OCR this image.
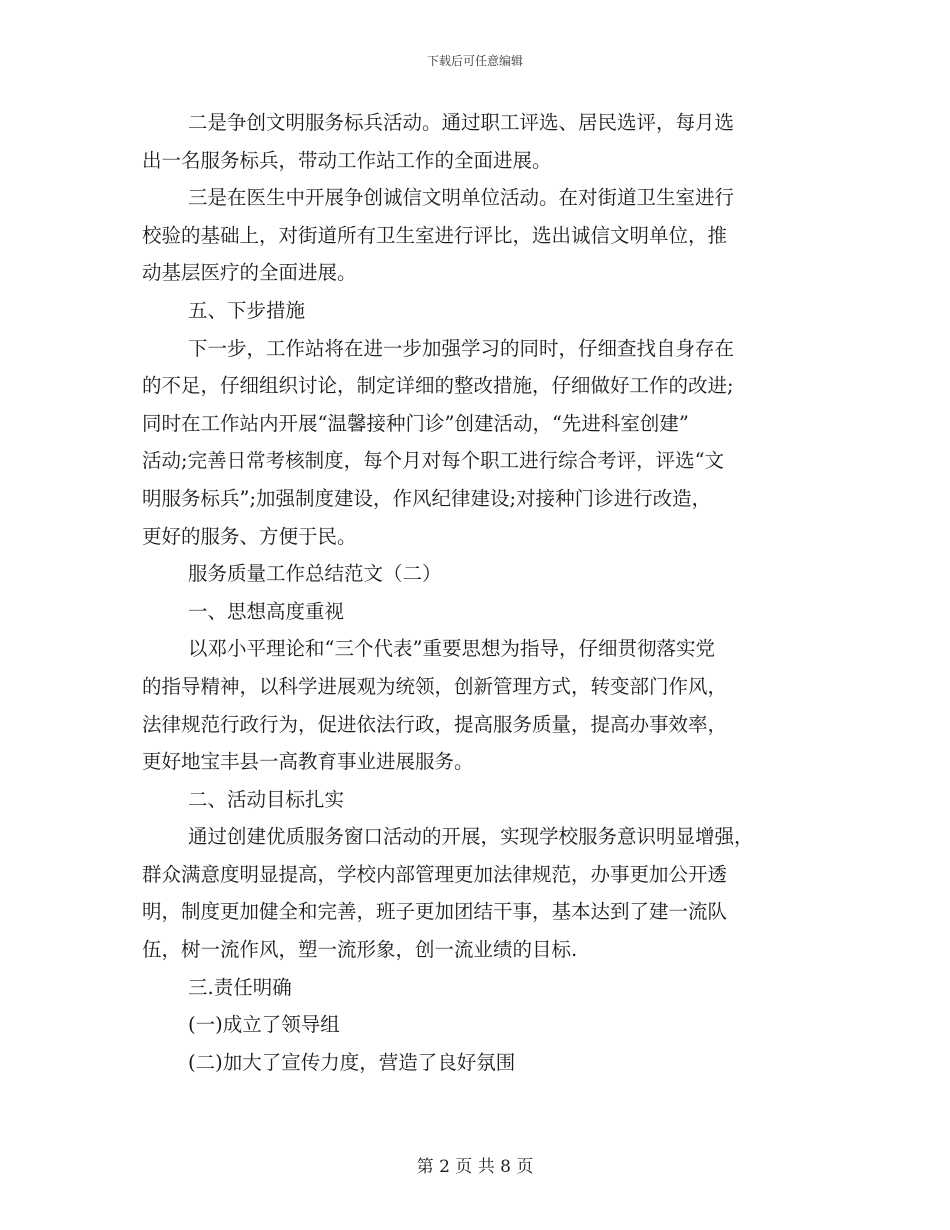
下载后可任意编辑
二是争创文明服务标兵活动。通过职工评选、居民选评，每月选
出一名服务标兵，带动工作站工作的全面进展。
三是在医生中开展争创诚信文明单位活动。在对街道卫生室进行
校验的基础上，对街道所有卫生室进行评比，选出诚信文明单位，推
动基层医疗的全面进展。
五、下步措施
下一步，工作站将在进一步加强学习的同时，仔细查找自身存在
的不足，仔细组织讨论，制定详细的整改措施，仔细做好工作的改进;
同时在工作站内开展“温馨接种门诊”创建活动，“先进科室创建”
活动;完善日常考核制度，每个月对每个职工进行综合考评，评选“文
明服务标兵”;加强制度建设，作风纪律建设;对接种门诊进行改造，
更好的服务、方便于民。
服务质量工作总结范文（二）
一、思想高度重视
以邓小平理论和“三个代表”重要思想为指导，仔细贯彻落实党
的指导精神，以科学进展观为统领，创新管理方式，转变部门作风，
法律规范行政行为，促进依法行政，提高服务质量，提高办事效率，
更好地宝丰县一高教育事业进展服务。
二、活动目标扎实
通过创建优质服务窗口活动的开展，实现学校服务意识明显增强，
群众满意度明显提高，学校内部管理更加法律规范，办事更加公开透
明，制度更加健全和完善，班子更加团结干事，基本达到了建一流队
伍，树一流作风，塑一流形象，创一流业绩的目标.
三.责任明确
(一)成立了领导组
(二)加大了宣传力度，营造了良好氛围
第 2 页 共 8 页
